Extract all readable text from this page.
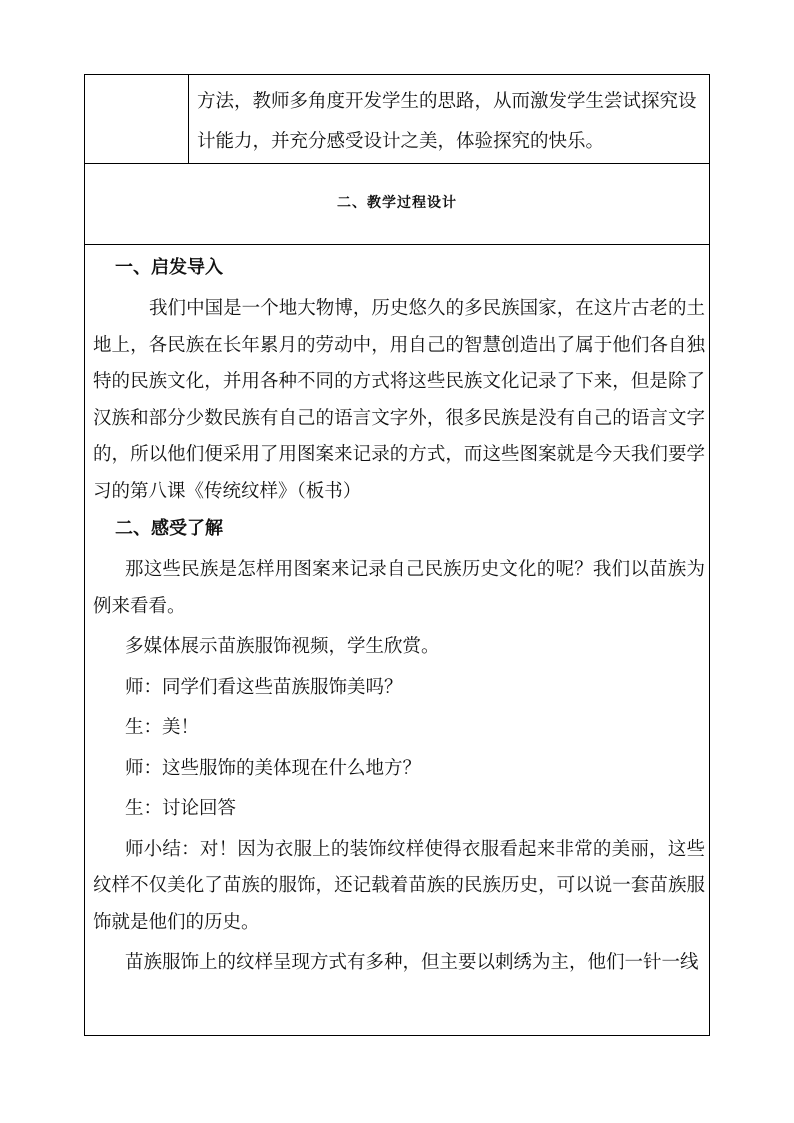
方法，教师多角度开发学生的思路，从而激发学生尝试探究设计能力，并充分感受设计之美，体验探究的快乐。
二、教学过程设计
一、启发导入

我们中国是一个地大物博，历史悠久的多民族国家，在这片古老的土地上，各民族在长年累月的劳动中，用自己的智慧创造出了属于他们各自独特的民族文化，并用各种不同的方式将这些民族文化记录了下来，但是除了汉族和部分少数民族有自己的语言文字外，很多民族是没有自己的语言文字的，所以他们便采用了用图案来记录的方式，而这些图案就是今天我们要学习的第八课《传统纹样》（板书）

二、感受了解

那这些民族是怎样用图案来记录自己民族历史文化的呢？我们以苗族为例来看看。

多媒体展示苗族服饰视频，学生欣赏。
师：同学们看这些苗族服饰美吗？
生：美！
师：这些服饰的美体现在什么地方？
生：讨论回答

师小结：对！因为衣服上的装饰纹样使得衣服看起来非常的美丽，这些纹样不仅美化了苗族的服饰，还记载着苗族的民族历史，可以说一套苗族服饰就是他们的历史。

苗族服饰上的纹样呈现方式有多种，但主要以刺绣为主，他们一针一线
